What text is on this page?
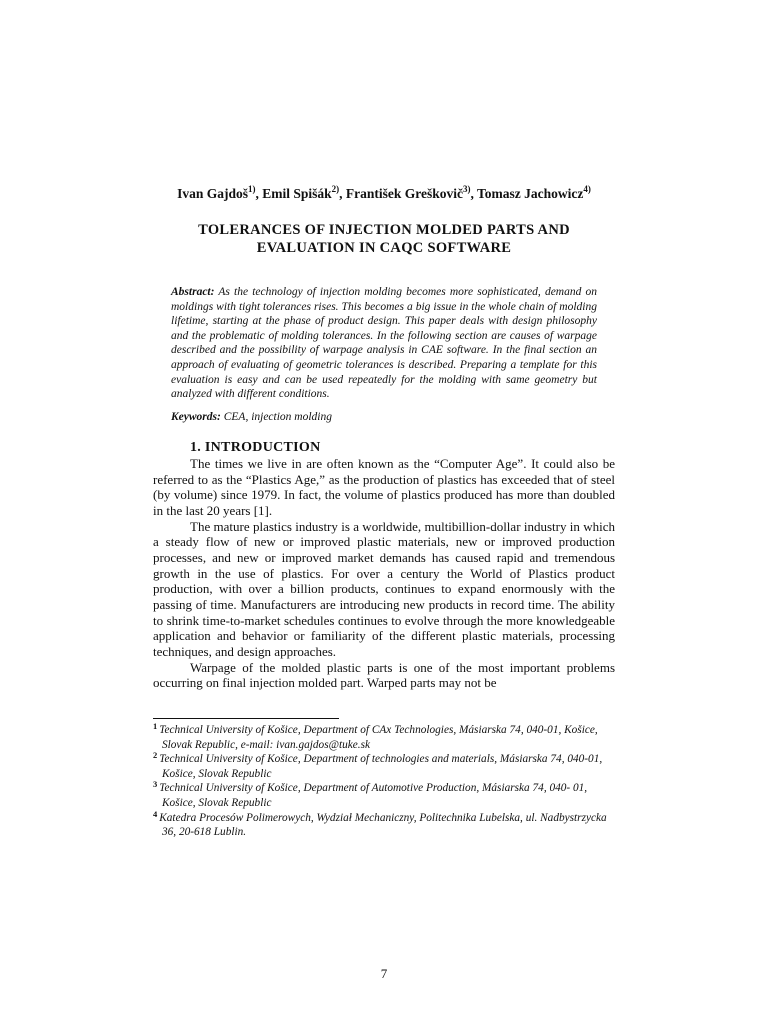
Ivan Gajdoš$^{1)}$, Emil Spišák$^{2)}$, František Greškovič$^{3)}$, Tomasz Jachowicz$^{4)}$
TOLERANCES OF INJECTION MOLDED PARTS AND
EVALUATION IN CAQC SOFTWARE
Abstract: As the technology of injection molding becomes more sophisticated, demand on moldings with tight tolerances rises. This becomes a big issue in the whole chain of molding lifetime, starting at the phase of product design. This paper deals with design philosophy and the problematic of molding tolerances. In the following section are causes of warpage described and the possibility of warpage analysis in CAE software. In the final section an approach of evaluating of geometric tolerances is described. Preparing a template for this evaluation is easy and can be used repeatedly for the molding with same geometry but analyzed with different conditions.
Keywords: CEA, injection molding
1. INTRODUCTION

The times we live in are often known as the “Computer Age”. It could also be referred to as the “Plastics Age,” as the production of plastics has exceeded that of steel (by volume) since 1979. In fact, the volume of plastics produced has more than doubled in the last 20 years [1].

The mature plastics industry is a worldwide, multibillion-dollar industry in which a steady flow of new or improved plastic materials, new or improved production processes, and new or improved market demands has caused rapid and tremendous growth in the use of plastics. For over a century the World of Plastics product production, with over a billion products, continues to expand enormously with the passing of time. Manufacturers are introducing new products in record time. The ability to shrink time-to-market schedules continues to evolve through the more knowledgeable application and behavior or familiarity of the different plastic materials, processing techniques, and design approaches.

Warpage of the molded plastic parts is one of the most important problems occurring on final injection molded part. Warped parts may not be

$^1$ Technical University of Košice, Department of CAx Technologies, Másiarska 74, 040-01, Košice, Slovak Republic, e-mail: ivan.gajdos@tuke.sk
$^2$ Technical University of Košice, Department of technologies and materials, Másiarska 74, 040-01, Košice, Slovak Republic
$^3$ Technical University of Košice, Department of Automotive Production, Másiarska 74, 040- 01, Košice, Slovak Republic
$^4$ Katedra Procesów Polimerowych, Wydział Mechaniczny, Politechnika Lubelska, ul. Nadbystrzycka 36, 20-618 Lublin.
7
